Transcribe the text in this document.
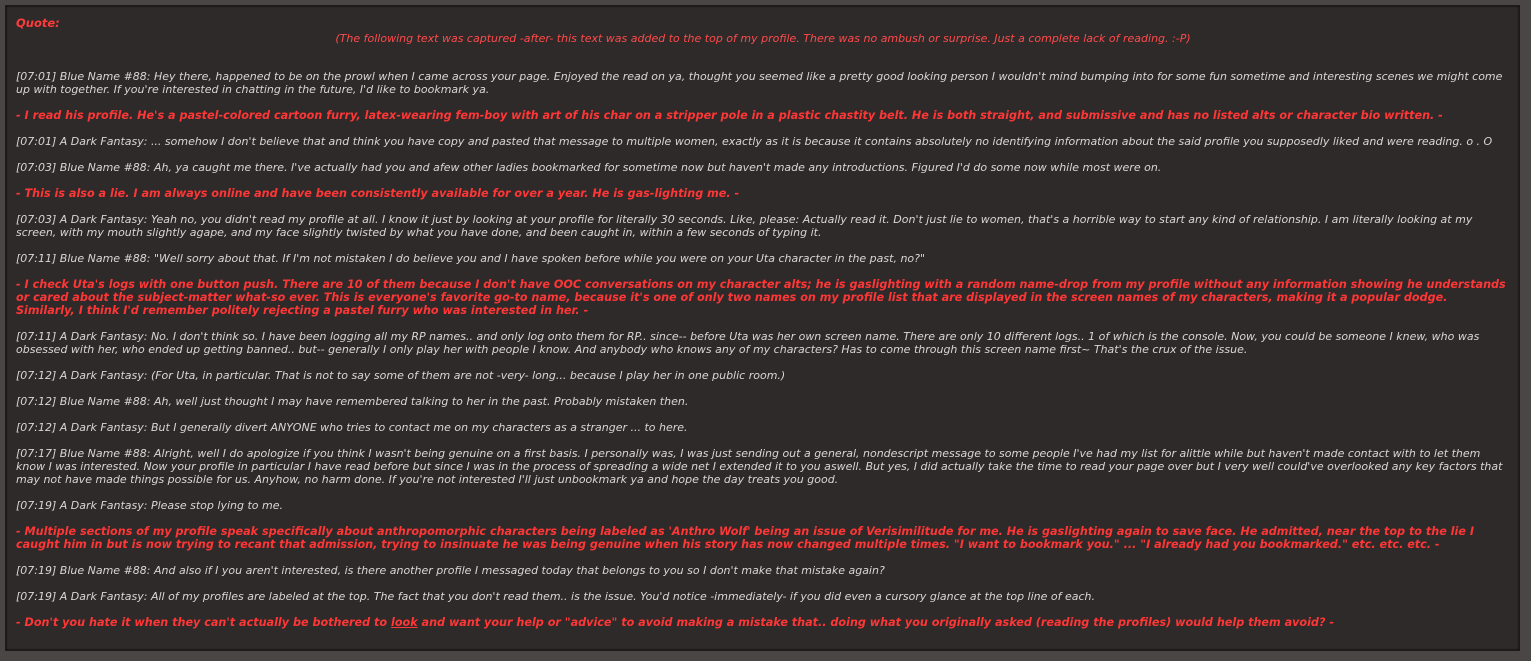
Quote:

(The following text was captured -after- this text was added to the top of my profile. There was no ambush or surprise. Just a complete lack of reading. :-P)

[07:01] Blue Name #88: Hey there, happened to be on the prowl when I came across your page. Enjoyed the read on ya, thought you seemed like a pretty good looking person I wouldn't mind bumping into for some fun sometime and interesting scenes we might come up with together. If you're interested in chatting in the future, I'd like to bookmark ya.

- I read his profile. He's a pastel-colored cartoon furry, latex-wearing fem-boy with art of his char on a stripper pole in a plastic chastity belt. He is both straight, and submissive and has no listed alts or character bio written. -

[07:01] A Dark Fantasy: ... somehow I don't believe that and think you have copy and pasted that message to multiple women, exactly as it is because it contains absolutely no identifying information about the said profile you supposedly liked and were reading. o . O

[07:03] Blue Name #88: Ah, ya caught me there. I've actually had you and afew other ladies bookmarked for sometime now but haven't made any introductions. Figured I'd do some now while most were on.

- This is also a lie. I am always online and have been consistently available for over a year. He is gas-lighting me. -

[07:03] A Dark Fantasy: Yeah no, you didn't read my profile at all. I know it just by looking at your profile for literally 30 seconds. Like, please: Actually read it. Don't just lie to women, that's a horrible way to start any kind of relationship. I am literally looking at my screen, with my mouth slightly agape, and my face slightly twisted by what you have done, and been caught in, within a few seconds of typing it.

[07:11] Blue Name #88: "Well sorry about that. If I'm not mistaken I do believe you and I have spoken before while you were on your Uta character in the past, no?"

- I check Uta's logs with one button push. There are 10 of them because I don't have OOC conversations on my character alts; he is gaslighting with a random name-drop from my profile without any information showing he understands or cared about the subject-matter what-so ever. This is everyone's favorite go-to name, because it's one of only two names on my profile list that are displayed in the screen names of my characters, making it a popular dodge. Similarly, I think I'd remember politely rejecting a pastel furry who was interested in her. -

[07:11] A Dark Fantasy: No. I don't think so. I have been logging all my RP names.. and only log onto them for RP.. since-- before Uta was her own screen name. There are only 10 different logs.. 1 of which is the console. Now, you could be someone I knew, who was obsessed with her, who ended up getting banned.. but-- generally I only play her with people I know. And anybody who knows any of my characters? Has to come through this screen name first~ That's the crux of the issue.

[07:12] A Dark Fantasy: (For Uta, in particular. That is not to say some of them are not -very- long... because I play her in one public room.)

[07:12] Blue Name #88: Ah, well just thought I may have remembered talking to her in the past. Probably mistaken then.

[07:12] A Dark Fantasy: But I generally divert ANYONE who tries to contact me on my characters as a stranger ... to here.

[07:17] Blue Name #88: Alright, well I do apologize if you think I wasn't being genuine on a first basis. I personally was, I was just sending out a general, nondescript message to some people I've had my list for alittle while but haven't made contact with to let them know I was interested. Now your profile in particular I have read before but since I was in the process of spreading a wide net I extended it to you aswell. But yes, I did actually take the time to read your page over but I very well could've overlooked any key factors that may not have made things possible for us. Anyhow, no harm done. If you're not interested I'll just unbookmark ya and hope the day treats you good.

[07:19] A Dark Fantasy: Please stop lying to me.

- Multiple sections of my profile speak specifically about anthropomorphic characters being labeled as 'Anthro Wolf' being an issue of Verisimilitude for me. He is gaslighting again to save face. He admitted, near the top to the lie I caught him in but is now trying to recant that admission, trying to insinuate he was being genuine when his story has now changed multiple times. "I want to bookmark you." ... "I already had you bookmarked." etc. etc. etc. -

[07:19] Blue Name #88: And also if I you aren't interested, is there another profile I messaged today that belongs to you so I don't make that mistake again?

[07:19] A Dark Fantasy: All of my profiles are labeled at the top. The fact that you don't read them.. is the issue. You'd notice -immediately- if you did even a cursory glance at the top line of each.

- Don't you hate it when they can't actually be bothered to look and want your help or "advice" to avoid making a mistake that.. doing what you originally asked (reading the profiles) would help them avoid? -
